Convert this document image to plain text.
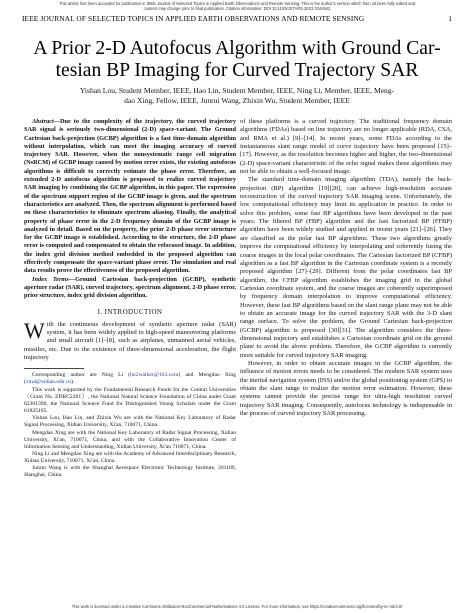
This article has been accepted for publication in IEEE Journal of Selected Topics in Applied Earth Observations and Remote Sensing. This is the author's version which has not been fully edited and
content may change prior to final publication. Citation information: DOI 10.1109/JSTARS.2023.3344942
IEEE JOURNAL OF SELECTED TOPICS IN APPLIED EARTH OBSERVATIONS AND REMOTE SENSING	1
A Prior 2-D Autofocus Algorithm with Ground Car-
tesian BP Imaging for Curved Trajectory SAR
Yishan Lou, Student Member, IEEE, Hao Lin, Student Member, IEEE, Ning Li, Member, IEEE, Meng-
dao Xing, Fellow, IEEE, Junrui Wang, Zhixin Wu, Student Member, IEEE

Abstract—Due to the complexity of the trajectory, the curved trajectory SAR signal is seriously two-dimensional (2-D) space-variant. The Ground Cartesian back-projection (GCBP) algorithm is a fast time-domain algorithm without interpolation, which can meet the imaging accuracy of curved trajectory SAR. However, when the nonsystematic range cell migration (NsRCM) of GCBP image caused by motion error exists, the existing autofocus algorithms is difficult to correctly estimate the phase error. Therefore, an extended 2-D autofocus algorithm is proposed to realize curved trajectory SAR imaging by combining the GCBP algorithm, in this paper. The expression of the spectrum support region of the GCBP image is given, and the spectrum characteristics are analyzed. Then, the spectrum alignment is performed based on these characteristics to eliminate spectrum aliasing. Finally, the analytical property of phase error in the 2-D frequency domain of the GCBP image is analyzed in detail. Based on the property, the prior 2-D phase error structure for the GCBP image is established. According to the structure, the 2-D phase error is computed and compensated to obtain the refocused image. In addition, the index grid division method embedded in the proposed algorithm can effectively compensate the space-variant phase error. The simulation and real data results prove the effectiveness of the proposed algorithm.

Index Terms—Ground Cartesian back-projection (GCBP), synthetic aperture radar (SAR), curved trajectory, spectrum alignment, 2-D phase error, prior structure, index grid division algorithm.

I. INTRODUCTION

With the continuous development of synthetic aperture radar (SAR) system, it has been widely applied to high-speed maneuvering platforms and small aircraft [1]–[8], such as airplanes, unmanned aerial vehicles, missiles, etc. Due to the existence of three-dimensional acceleration, the flight trajectory

Corresponding author are Ning Li (hn2walker@163.com) and Mengdao Xing (xmd@xidian.edu.cn).

This work is supported by the Fundamental Research Funds for the Central Universities（Grant No. ZDRC2201）, the National Natural Science Foundation of China under Grant 62301390, the National Science Fund for Distinguished Young Scholars under the Grant 61825105.

Yishan Lou, Hao Lin, and Zhixin Wu are with the National Key Laboratory of Radar Signal Processing, Xidian University, Xi'an, 710071, China.

Mengdao Xing are with the National Key Laboratory of Radar Signal Processing, Xidian University, Xi'an, 710071, China, and with the Collaborative Innovation Center of Information Sensing and Understanding, Xidian University, Xi'an 710071, China.

Ning Li and Mengdao Xing are with the Academy of Advanced Interdisciplinary Research, Xidian University, 710071, Xi'an, China.

Junrui Wang is with the Shanghai Aerospace Electronic Technology Institute, 201109, Shanghai, China.

of these platforms is a curved trajectory. The traditional frequency domain algorithms (FDAs) based on line trajectory are no longer applicable (RDA, CSA, and RMA et al.) [9]–[14]. In recent years, some FDAs according to the instantaneous slant range model of curve trajectory have been proposed [15]–[17]. However, as the resolution becomes higher and higher, the two-dimensional (2-D) space-variant characteristic of the echo signal makes these algorithms may not be able to obtain a well-focused image.

The standard time-domain imaging algorithm (TDA), namely the back-projection (BP) algorithm [19][20], can achieve high-resolution accurate reconstruction of the curved trajectory SAR imaging scene. Unfortunately, the low computational efficiency may limit its application in practice. In order to solve this problem, some fast BP algorithms have been developed in the past years. The filtered BP (FBP) algorithm and the fast factorized BP (FFBP) algorithm have been widely studied and applied in recent years [21]–[26]. They are classified as the polar fast BP algorithms. These two algorithms greatly improve the computational efficiency by interpolating and coherently fusing the coarse images in the local polar coordinates. The Cartesian factorized BP (CFBP) algorithm as a fast BP algorithm in the Cartesian coordinate system is a recently proposed algorithm [27]–[29]. Different from the polar coordinates fast BP algorithm, the CFBP algorithm establishes the imaging grid in the global Cartesian coordinate system, and the coarse images are coherently superimposed by frequency domain interpolation to improve computational efficiency. However, these fast BP algorithms based on the slant range plane may not be able to obtain an accurate image for the curved trajectory SAR with the 3-D slant range surface. To solve the problem, the Ground Cartesian back-projection (GCBP) algorithm is proposed [30][31]. The algorithm considers the three-dimensional trajectory and establishes a Cartesian coordinate grid on the ground plane to avoid the above problem. Therefore, the GCBP algorithm is currently more suitable for curved trajectory SAR imaging.

However, in order to obtain accurate images in the GCBP algorithm, the influence of motion errors needs to be considered. The modern SAR system uses the inertial navigation system (INS) and/or the global positioning system (GPS) to obtain the slant range to realize the motion error estimation. However, these systems cannot provide the precise range for ultra-high resolution curved trajectory SAR imaging. Consequently, autofocus technology is indispensable in the process of curved trajectory SAR processing.

This work is licensed under a Creative Commons Attribution-NonCommercial-NoDerivatives 4.0 License. For more information, see https://creativecommons.org/licenses/by-nc-nd/4.0/
